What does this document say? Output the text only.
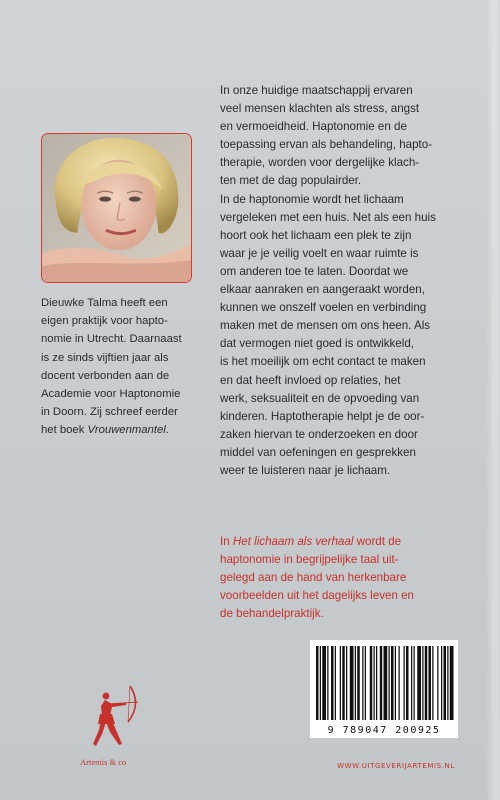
Dieuwke Talma heeft een

eigen praktijk voor hapto-

nomie in Utrecht. Daarnaast

is ze sinds vijftien jaar als

docent verbonden aan de

Academie voor Haptonomie

in Doorn. Zij schreef eerder

het boek Vrouwenmantel.

In onze huidige maatschappij ervaren

veel mensen klachten als stress, angst

en vermoeidheid. Haptonomie en de

toepassing ervan als behandeling, hapto-

therapie, worden voor dergelijke klach-

ten met de dag populairder.

In de haptonomie wordt het lichaam

vergeleken met een huis. Net als een huis

hoort ook het lichaam een plek te zijn

waar je je veilig voelt en waar ruimte is

om anderen toe te laten. Doordat we

elkaar aanraken en aangeraakt worden,

kunnen we onszelf voelen en verbinding

maken met de mensen om ons heen. Als

dat vermogen niet goed is ontwikkeld,

is het moeilijk om echt contact te maken

en dat heeft invloed op relaties, het

werk, seksualiteit en de opvoeding van

kinderen. Haptotherapie helpt je de oor-

zaken hiervan te onderzoeken en door

middel van oefeningen en gesprekken

weer te luisteren naar je lichaam.

In Het lichaam als verhaal wordt de

haptonomie in begrijpelijke taal uit-

gelegd aan de hand van herkenbare

voorbeelden uit het dagelijks leven en

de behandelpraktijk.

9 789047 200925
WWW.UITGEVERIJARTEMIS.NL
Artemis & co
